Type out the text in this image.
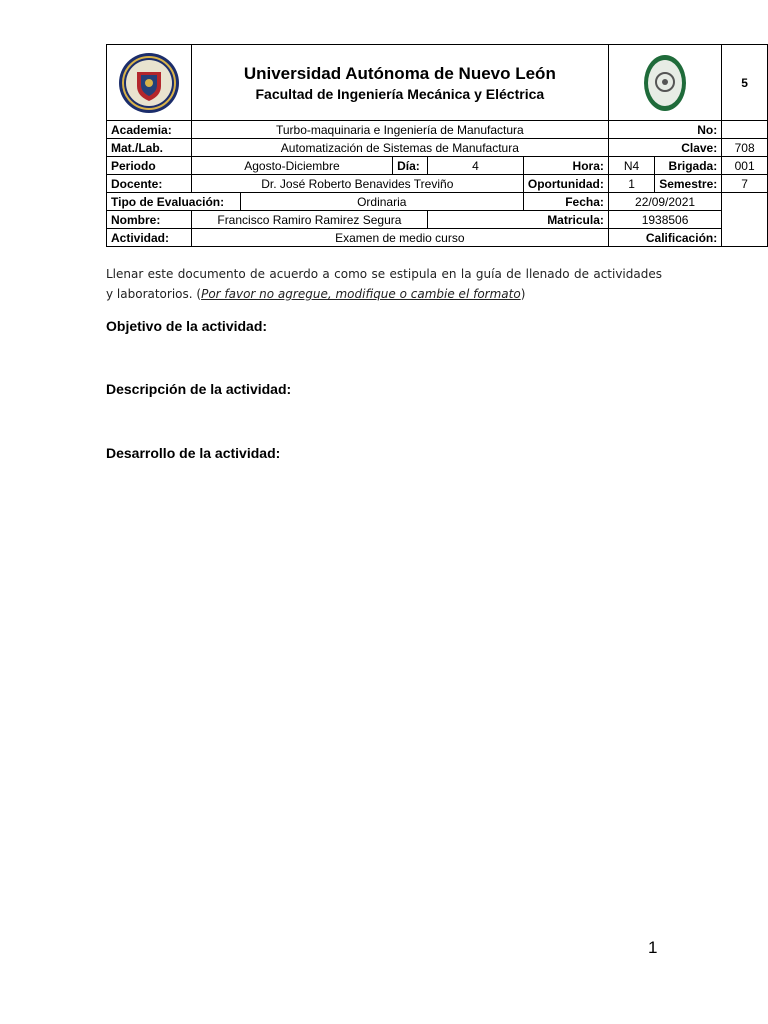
Universidad Autónoma de Nuevo León
Facultad de Ingeniería Mecánica y Eléctrica							5
Academia:	Turbo-maquinaria e Ingeniería de Manufactura					No:		
Mat./Lab.	Automatización de Sistemas de Manufactura					Clave:		708
Periodo	Agosto-Diciembre		Día:	4	Hora:	N4	Brigada:	001
Docente:	Dr. José Roberto Benavides Treviño				Oportunidad:	1	Semestre:	7
Tipo de Evaluación:		Ordinaria			Fecha:	22/09/2021		
Nombre:	Francisco Ramiro Ramirez Segura			Matricula:		1938506		
Actividad:	Examen de medio curso					Calificación:		
Llenar este documento de acuerdo a como se estipula en la guía de llenado de actividades y laboratorios. (Por favor no agregue, modifique o cambie el formato)
Objetivo de la actividad:
Descripción de la actividad:
Desarrollo de la actividad:
1
